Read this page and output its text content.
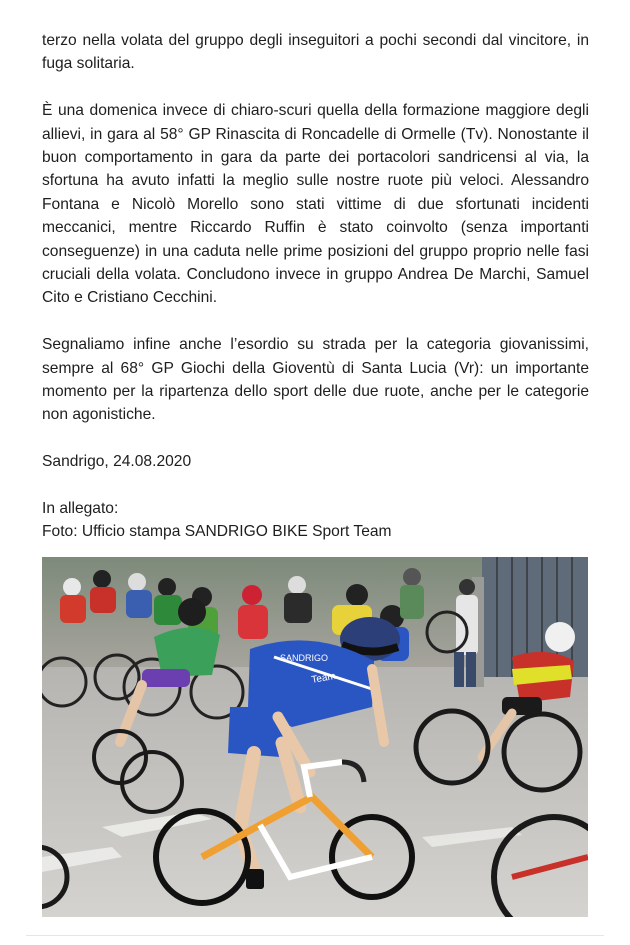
terzo nella volata del gruppo degli inseguitori a pochi secondi dal vincitore, in fuga solitaria.

È una domenica invece di chiaro-scuri quella della formazione maggiore degli allievi, in gara al 58° GP Rinascita di Roncadelle di Ormelle (Tv). Nonostante il buon comportamento in gara da parte dei portacolori sandricensi al via, la sfortuna ha avuto infatti la meglio sulle nostre ruote più veloci. Alessandro Fontana e Nicolò Morello sono stati vittime di due sfortunati incidenti meccanici, mentre Riccardo Ruffin è stato coinvolto (senza importanti conseguenze) in una caduta nelle prime posizioni del gruppo proprio nelle fasi cruciali della volata. Concludono invece in gruppo Andrea De Marchi, Samuel Cito e Cristiano Cecchini.

Segnaliamo infine anche l’esordio su strada per la categoria giovanissimi, sempre al 68° GP Giochi della Gioventù di Santa Lucia (Vr): un importante momento per la ripartenza dello sport delle due ruote, anche per le categorie non agonistiche.

Sandrigo, 24.08.2020

In allegato:

Foto: Ufficio stampa SANDRIGO BIKE Sport Team

SANDRIGO
Team
